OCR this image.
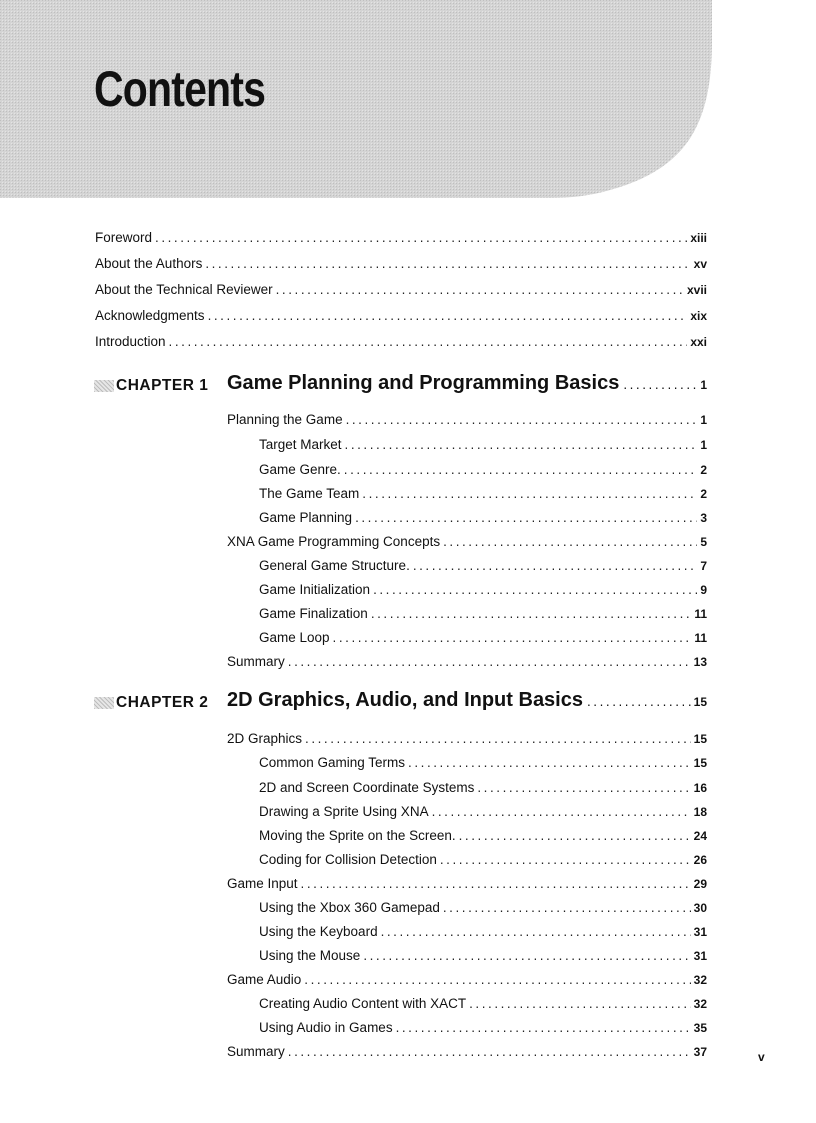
Contents
Foreword . . .	xiii
About the Authors . . .	xv
About the Technical Reviewer . . .	xvii
Acknowledgments . . .	xix
Introduction . . .	xxi
CHAPTER 1 Game Planning and Programming Basics . . .	1
Planning the Game . . .	1
Target Market . . .	1
Game Genre. . . .	2
The Game Team . . .	2
Game Planning . . .	3
XNA Game Programming Concepts . . .	5
General Game Structure. . . .	7
Game Initialization . . .	9
Game Finalization . . .	11
Game Loop . . .	11
Summary . . .	13
CHAPTER 2 2D Graphics, Audio, and Input Basics . . .	15
2D Graphics . . .	15
Common Gaming Terms . . .	15
2D and Screen Coordinate Systems . . .	16
Drawing a Sprite Using XNA . . .	18
Moving the Sprite on the Screen. . . .	24
Coding for Collision Detection . . .	26
Game Input . . .	29
Using the Xbox 360 Gamepad . . .	30
Using the Keyboard . . .	31
Using the Mouse . . .	31
Game Audio . . .	32
Creating Audio Content with XACT . . .	32
Using Audio in Games . . .	35
Summary . . .	37	v
